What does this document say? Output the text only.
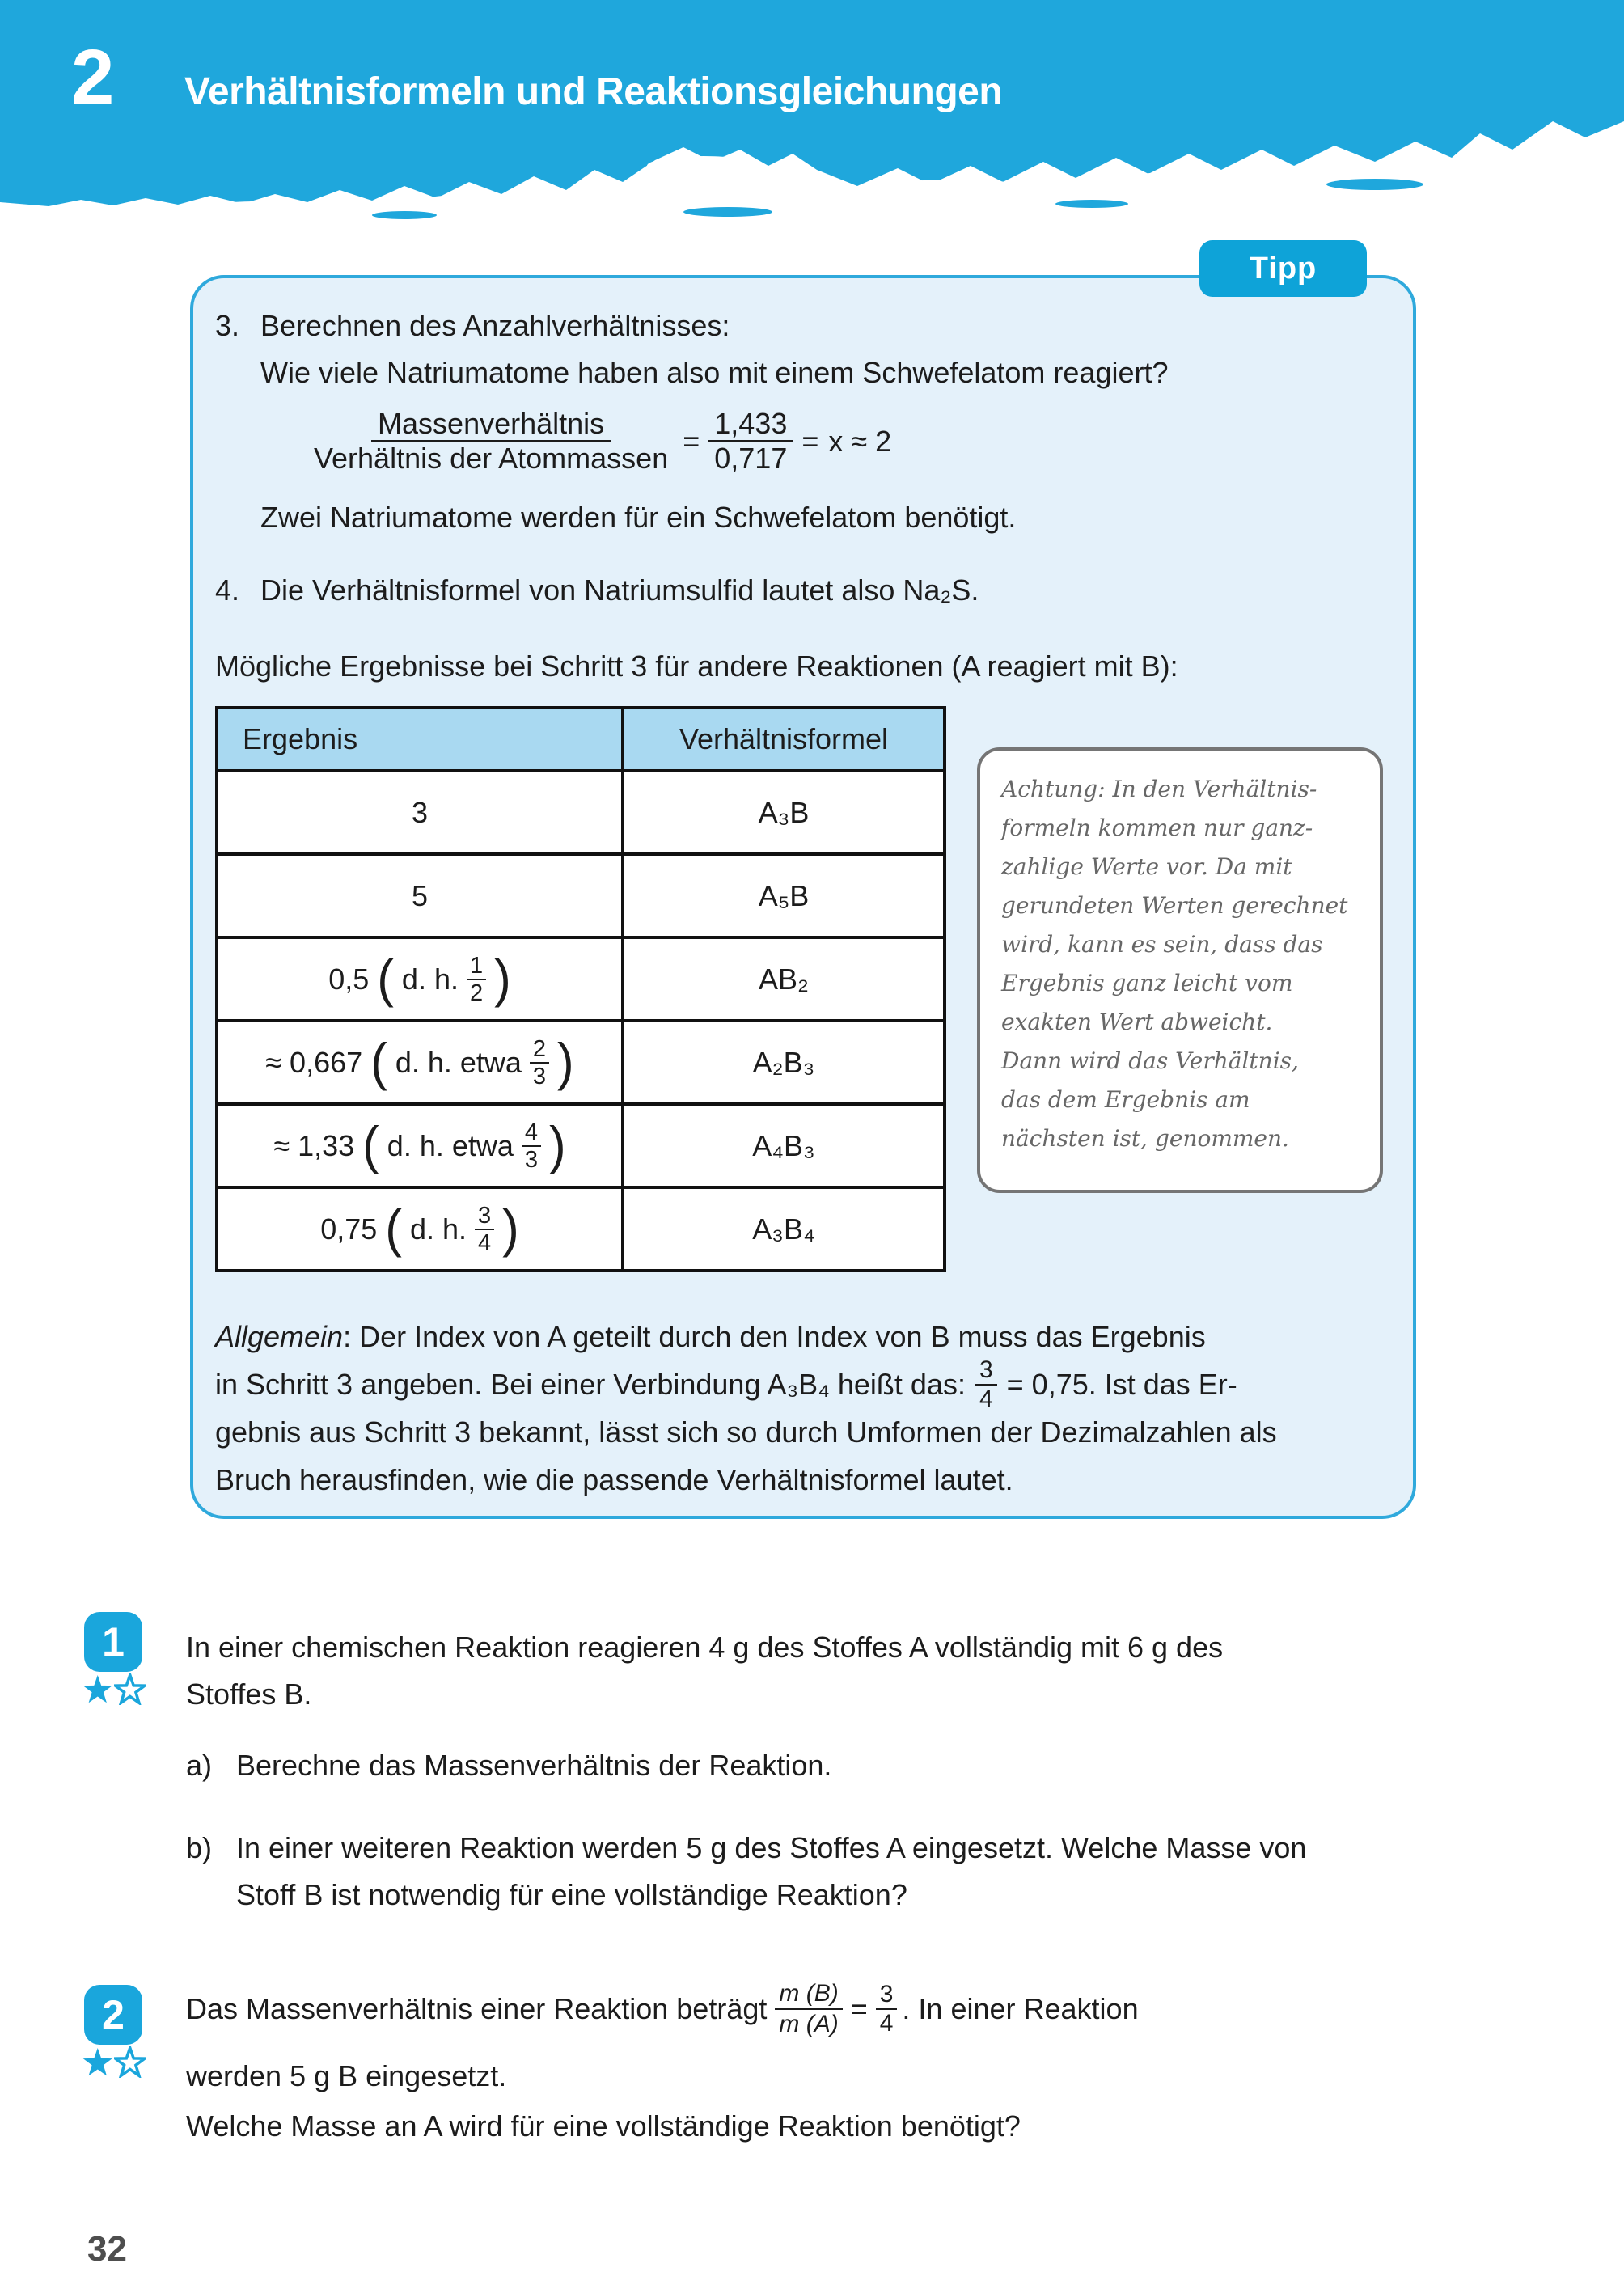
2 Verhältnisformeln und Reaktionsgleichungen
Tipp
3. Berechnen des Anzahlverhältnisses:
Wie viele Natriumatome haben also mit einem Schwefelatom reagiert?
$\frac{\text{Massenverhältnis}}{\text{Verhältnis der Atommassen}} = \frac{1,433}{0,717} = x \approx 2$
Zwei Natriumatome werden für ein Schwefelatom benötigt.
4. Die Verhältnisformel von Natriumsulfid lautet also Na₂S.
Mögliche Ergebnisse bei Schritt 3 für andere Reaktionen (A reagiert mit B):
Ergebnis	Verhältnisformel
3	A₃B
5	A₅B

0,5 d. h. $\frac{1}{2}$	AB₂

≈ 0,667 d. h. etwa $\frac{2}{3}$	A₂B₃

≈ 1,33 d. h. etwa $\frac{4}{3}$	A₄B₃

0,75 d. h. $\frac{3}{4}$	A₃B₄
Allgemein : Der Index von A geteilt durch den Index von B muss das Ergebnis
in Schritt 3 angeben. Bei einer Verbindung A₃B₄ heißt das: $\frac{3}{4} = 0,75$. Ist das Er-
gebnis aus Schritt 3 bekannt, lässt sich so durch Umformen der Dezimalzahlen als
Bruch herausfinden, wie die passende Verhältnisformel lautet.
Achtung: In den Verhältnis-
formeln kommen nur ganz-
zahlige Werte vor. Da mit
gerundeten Werten gerechnet
wird, kann es sein, dass das
Ergebnis ganz leicht vom
exakten Wert abweicht.
Dann wird das Verhältnis,
das dem Ergebnis am
nächsten ist, genommen.
1 In einer chemischen Reaktion reagieren 4 g des Stoffes A vollständig mit 6 g des
Stoffes B.
a) Berechne das Massenverhältnis der Reaktion.
b) In einer weiteren Reaktion werden 5 g des Stoffes A eingesetzt. Welche Masse von
Stoff B ist notwendig für eine vollständige Reaktion?
2 Das Massenverhältnis einer Reaktion beträgt $\frac{m (B)}{m (A)} = \frac{3}{4}$ . In einer Reaktion
werden 5 g B eingesetzt.
Welche Masse an A wird für eine vollständige Reaktion benötigt?
32
